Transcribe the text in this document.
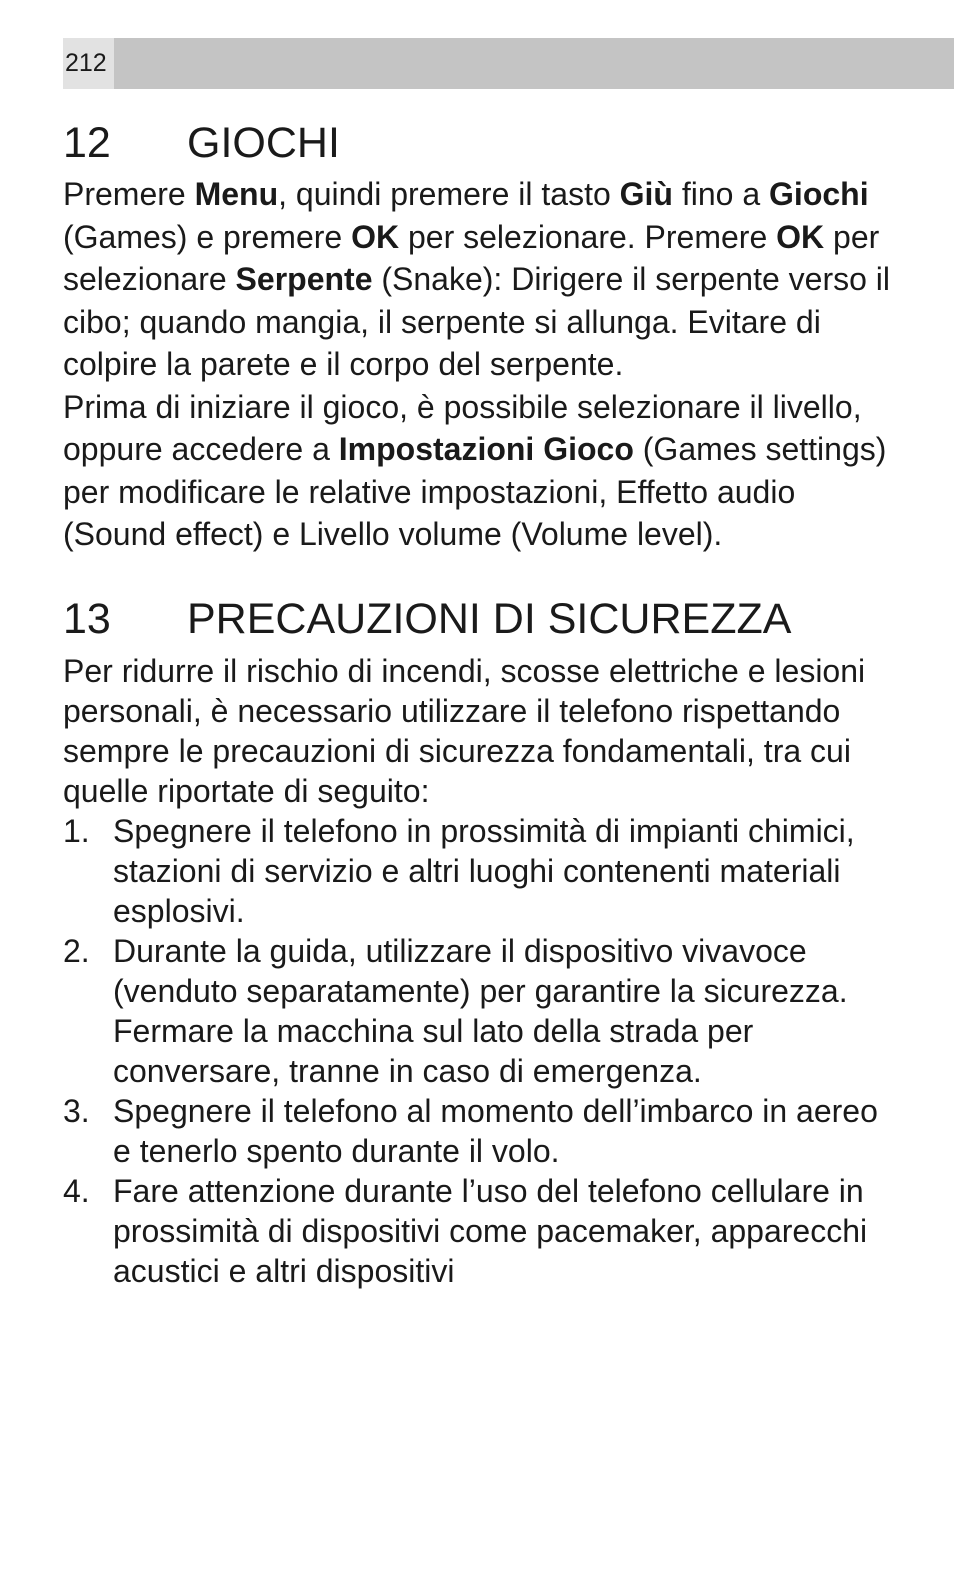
212
12	GIOCHI

Premere Menu, quindi premere il tasto Giù fino a Giochi (Games) e premere OK per selezionare. Premere OK per selezionare Serpente (Snake): Dirigere il serpente verso il cibo; quando mangia, il serpente si allunga. Evitare di colpire la parete e il corpo del serpente.

Prima di iniziare il gioco, è possibile selezionare il livello, oppure accedere a Impostazioni Gioco (Games settings) per modificare le relative impostazioni, Effetto audio (Sound effect) e Livello volume (Volume level).

13	PRECAUZIONI DI SICUREZZA

Per ridurre il rischio di incendi, scosse elettriche e lesioni personali, è necessario utilizzare il telefono rispettando sempre le precauzioni di sicurezza fondamentali, tra cui quelle riportate di seguito:

1. Spegnere il telefono in prossimità di impianti chimici, stazioni di servizio e altri luoghi contenenti materiali esplosivi.
2. Durante la guida, utilizzare il dispositivo vivavoce (venduto separatamente) per garantire la sicurezza. Fermare la macchina sul lato della strada per conversare, tranne in caso di emergenza.
3. Spegnere il telefono al momento dell’imbarco in aereo e tenerlo spento durante il volo.
4. Fare attenzione durante l’uso del telefono cellulare in prossimità di dispositivi come pacemaker, apparecchi acustici e altri dispositivi
